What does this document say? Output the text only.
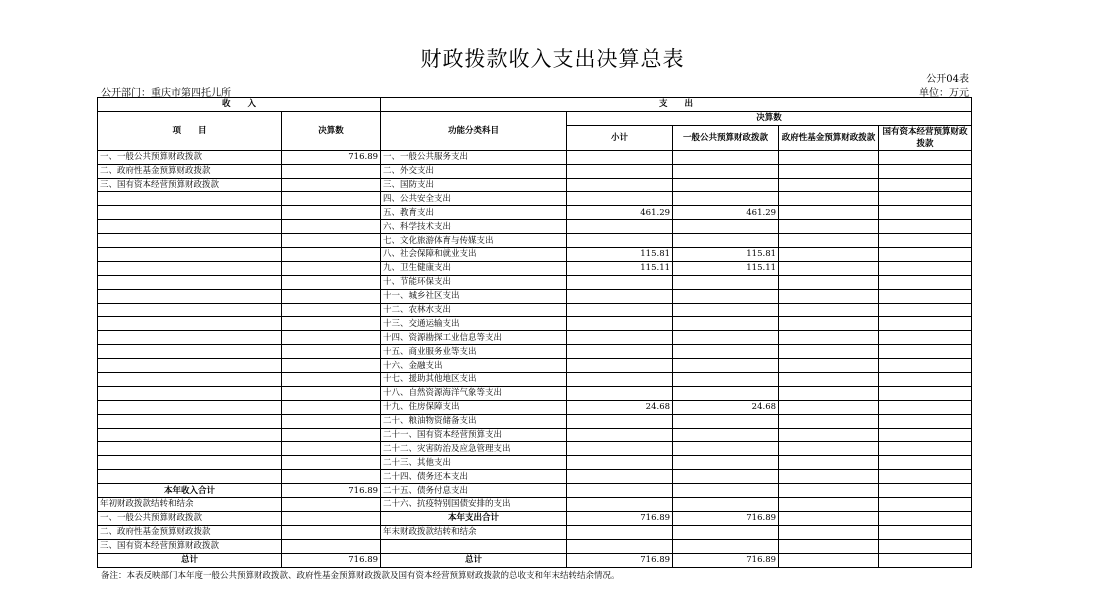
财政拨款收入支出决算总表
公开04表
公开部门：重庆市第四托儿所	单位：万元
收　　入		支　　出				
项　　目	决算数	功能分类科目	决算数			
			小计	一般公共预算财政拨款	政府性基金预算财政拨款	国有资本经营预算财政拨款

一、一般公共预算财政拨款	716.89	一、一般公共服务支出				
二、政府性基金预算财政拨款		二、外交支出				
三、国有资本经营预算财政拨款		三、国防支出				
		四、公共安全支出				
		五、教育支出	461.29	461.29		
		六、科学技术支出				
		七、文化旅游体育与传媒支出				
		八、社会保障和就业支出	115.81	115.81		
		九、卫生健康支出	115.11	115.11		
		十、节能环保支出				
		十一、城乡社区支出				
		十二、农林水支出				
		十三、交通运输支出				
		十四、资源勘探工业信息等支出				
		十五、商业服务业等支出				
		十六、金融支出				
		十七、援助其他地区支出				
		十八、自然资源海洋气象等支出				
		十九、住房保障支出	24.68	24.68		
		二十、粮油物资储备支出				
		二十一、国有资本经营预算支出				
		二十二、灾害防治及应急管理支出				
		二十三、其他支出				
		二十四、债务还本支出				
本年收入合计	716.89	二十五、债务付息支出				
年初财政拨款结转和结余		二十六、抗疫特别国债安排的支出				
一、一般公共预算财政拨款		本年支出合计	716.89	716.89		
二、政府性基金预算财政拨款		年末财政拨款结转和结余				
三、国有资本经营预算财政拨款						
总计	716.89	总计	716.89	716.89		
备注：本表反映部门本年度一般公共预算财政拨款、政府性基金预算财政拨款及国有资本经营预算财政拨款的总收支和年末结转结余情况。
